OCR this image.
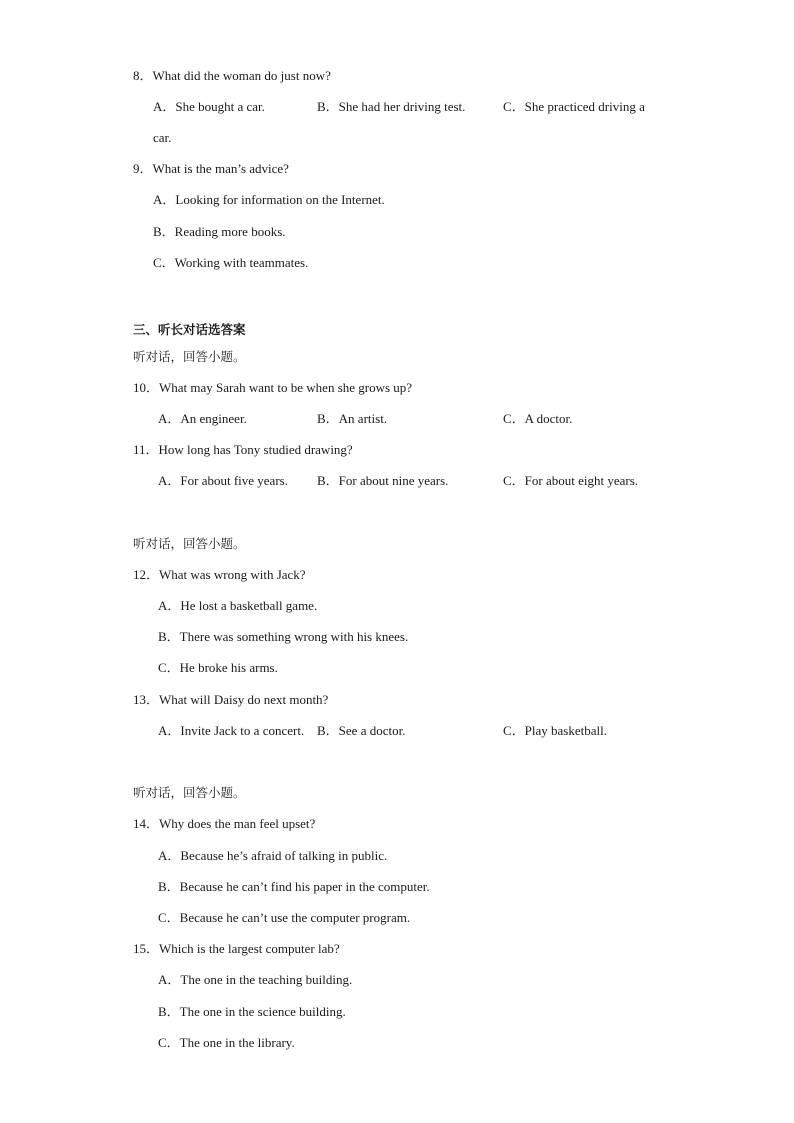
8．What did the woman do just now?
A．She bought a car.	B．She had her driving test.	C．She practiced driving a
car.
9．What is the man’s advice?
A．Looking for information on the Internet.
B．Reading more books.
C．Working with teammates.
三、听长对话选答案
听对话，回答小题。
10．What may Sarah want to be when she grows up?
A．An engineer.	B．An artist.	C．A doctor.
11．How long has Tony studied drawing?
A．For about five years. B．For about nine years.	C．For about eight years.
听对话，回答小题。
12．What was wrong with Jack?
A．He lost a basketball game.
B．There was something wrong with his knees.
C．He broke his arms.
13．What will Daisy do next month?
A．Invite Jack to a concert. B．See a doctor.	C．Play basketball.
听对话，回答小题。
14．Why does the man feel upset?
A．Because he’s afraid of talking in public.
B．Because he can’t find his paper in the computer.
C．Because he can’t use the computer program.
15．Which is the largest computer lab?
A．The one in the teaching building.
B．The one in the science building.
C．The one in the library.
